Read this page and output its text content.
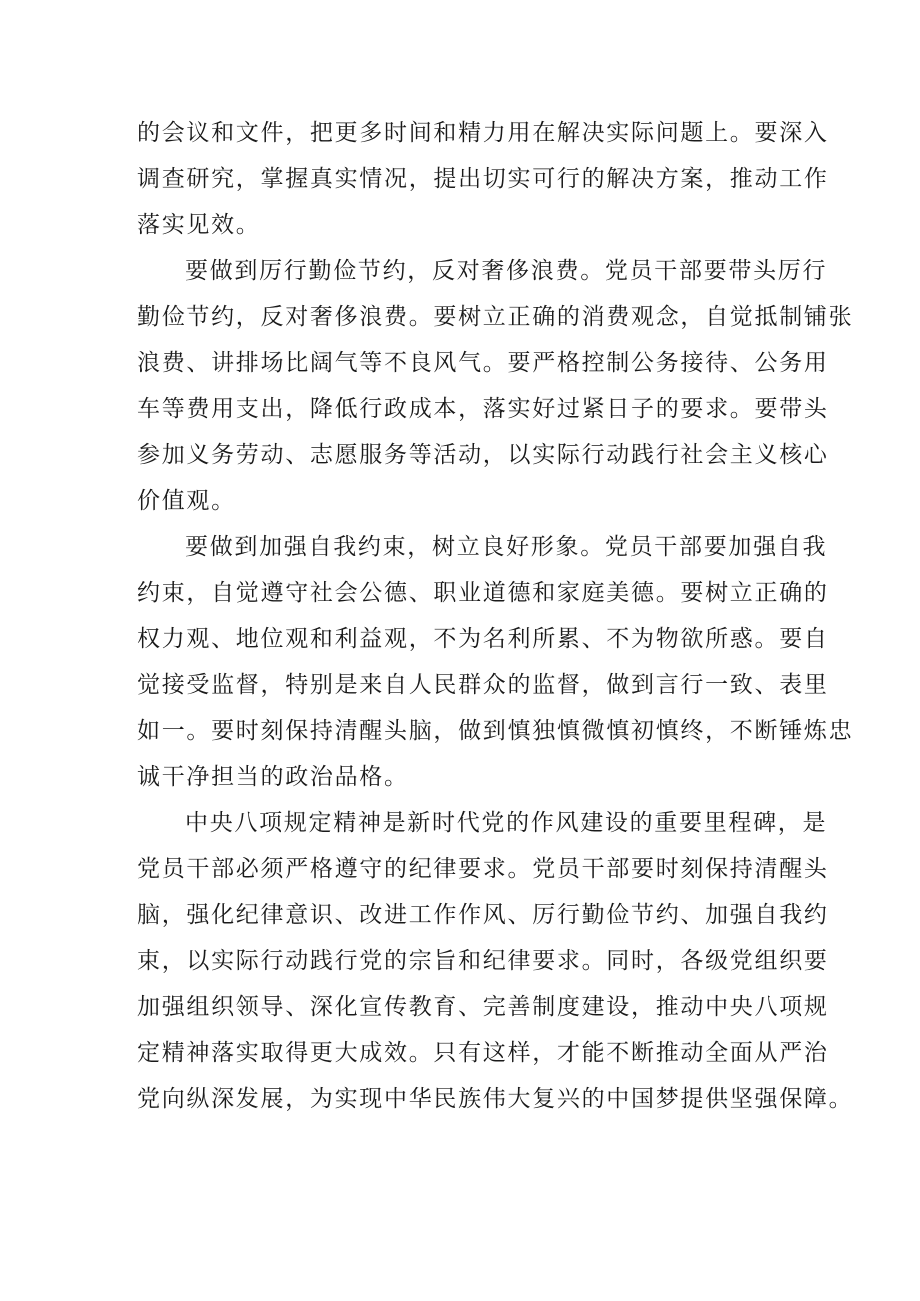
的会议和文件，把更多时间和精力用在解决实际问题上。要深入
调查研究，掌握真实情况，提出切实可行的解决方案，推动工作
落实见效。
要做到厉行勤俭节约，反对奢侈浪费。党员干部要带头厉行
勤俭节约，反对奢侈浪费。要树立正确的消费观念，自觉抵制铺张
浪费、讲排场比阔气等不良风气。要严格控制公务接待、公务用
车等费用支出，降低行政成本，落实好过紧日子的要求。要带头
参加义务劳动、志愿服务等活动，以实际行动践行社会主义核心
价值观。
要做到加强自我约束，树立良好形象。党员干部要加强自我
约束，自觉遵守社会公德、职业道德和家庭美德。要树立正确的
权力观、地位观和利益观，不为名利所累、不为物欲所惑。要自
觉接受监督，特别是来自人民群众的监督，做到言行一致、表里
如一。要时刻保持清醒头脑，做到慎独慎微慎初慎终，不断锤炼忠
诚干净担当的政治品格。
中央八项规定精神是新时代党的作风建设的重要里程碑，是
党员干部必须严格遵守的纪律要求。党员干部要时刻保持清醒头
脑，强化纪律意识、改进工作作风、厉行勤俭节约、加强自我约
束，以实际行动践行党的宗旨和纪律要求。同时，各级党组织要
加强组织领导、深化宣传教育、完善制度建设，推动中央八项规
定精神落实取得更大成效。只有这样，才能不断推动全面从严治
党向纵深发展，为实现中华民族伟大复兴的中国梦提供坚强保障。
